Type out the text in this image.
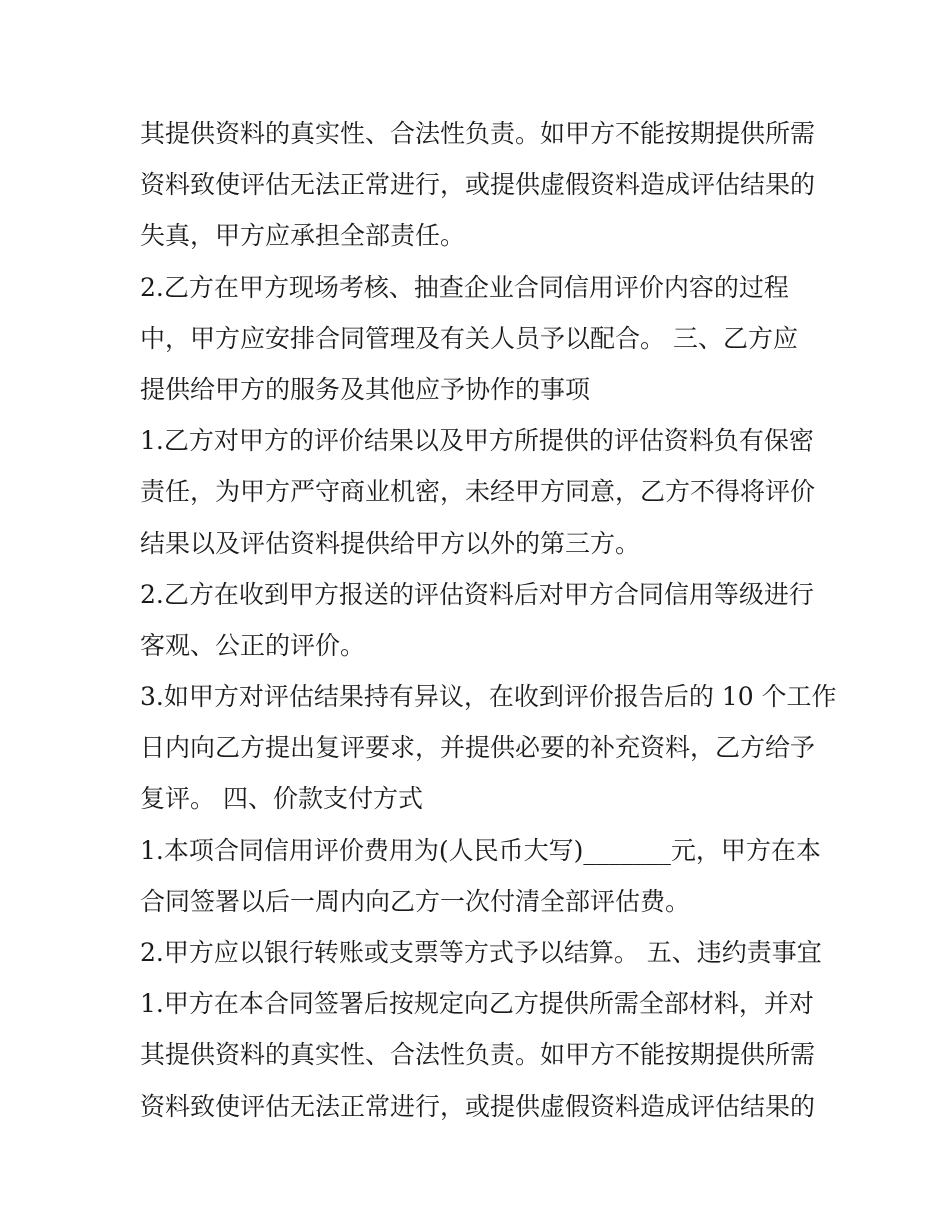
其提供资料的真实性、合法性负责。如甲方不能按期提供所需
资料致使评估无法正常进行，或提供虚假资料造成评估结果的
失真，甲方应承担全部责任。
2.乙方在甲方现场考核、抽查企业合同信用评价内容的过程
中，甲方应安排合同管理及有关人员予以配合。 三、乙方应
提供给甲方的服务及其他应予协作的事项
1.乙方对甲方的评价结果以及甲方所提供的评估资料负有保密
责任，为甲方严守商业机密，未经甲方同意，乙方不得将评价
结果以及评估资料提供给甲方以外的第三方。
2.乙方在收到甲方报送的评估资料后对甲方合同信用等级进行
客观、公正的评价。
3.如甲方对评估结果持有异议，在收到评价报告后的 10 个工作
日内向乙方提出复评要求，并提供必要的补充资料，乙方给予
复评。 四、价款支付方式
1.本项合同信用评价费用为(人民币大写)_______元，甲方在本
合同签署以后一周内向乙方一次付清全部评估费。
2.甲方应以银行转账或支票等方式予以结算。 五、违约责事宜
1.甲方在本合同签署后按规定向乙方提供所需全部材料，并对
其提供资料的真实性、合法性负责。如甲方不能按期提供所需
资料致使评估无法正常进行，或提供虚假资料造成评估结果的
